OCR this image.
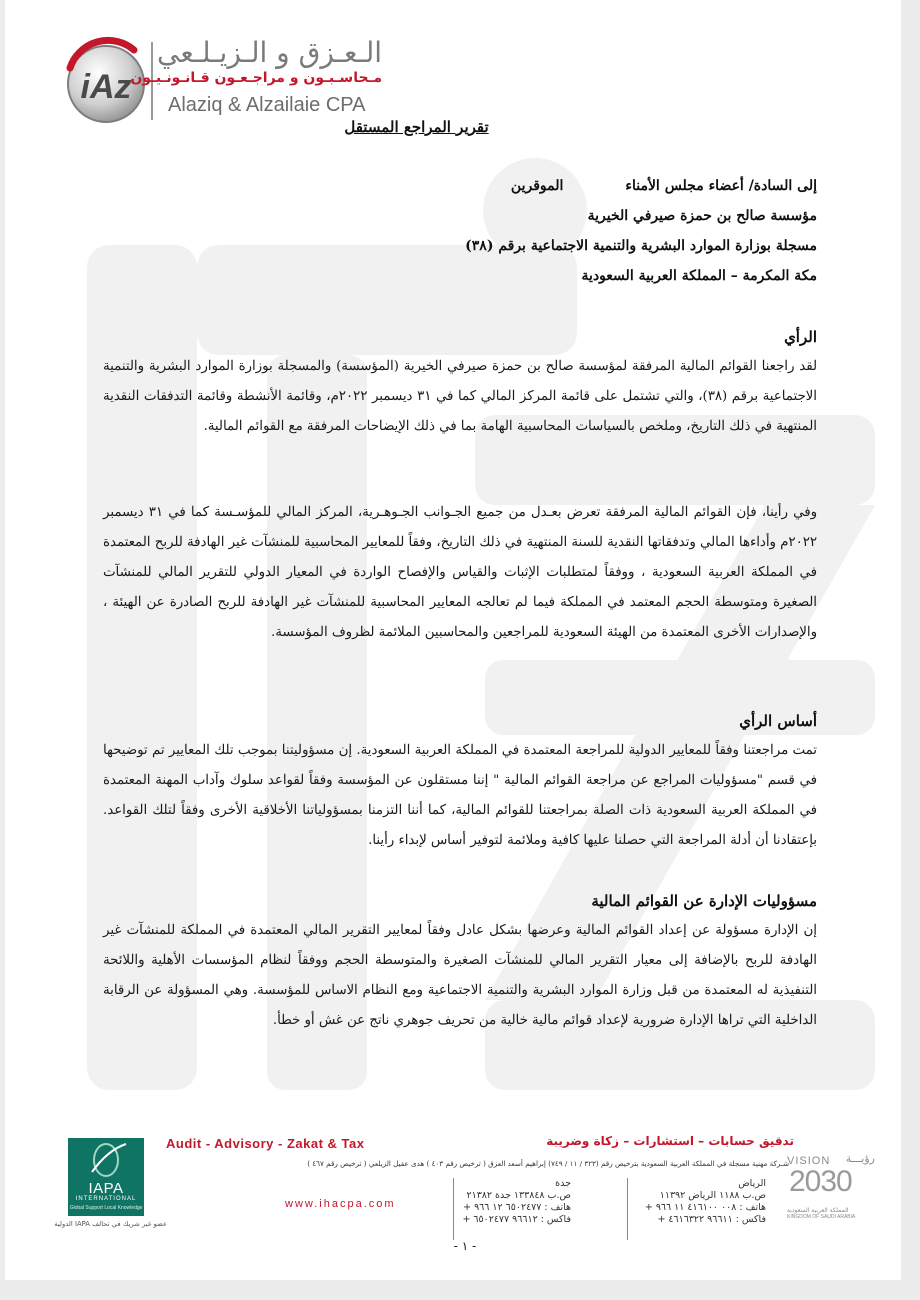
iAz
الـعـزق و الـزيـلـعي
مـحاسـبـون و مراجـعـون قـانـونـيـون
Alaziq & Alzailaie CPA
تقرير المراجع المستقل
إلى السادة/ أعضاء مجلس الأمناءالموقرين
مؤسسة صالح بن حمزة صيرفي الخيرية
مسجلة بوزارة الموارد البشرية والتنمية الاجتماعية برقم (٣٨)
مكة المكرمة – المملكة العربية السعودية
الرأي

لقد راجعنا القوائم المالية المرفقة لمؤسسة صالح بن حمزة صيرفي الخيرية (المؤسسة) والمسجلة بوزارة الموارد البشرية والتنمية الاجتماعية برقم (٣٨)، والتي تشتمل على قائمة المركز المالي كما في ٣١ ديسمبر ٢٠٢٢م، وقائمة الأنشطة وقائمة التدفقات النقدية المنتهية في ذلك التاريخ، وملخص بالسياسات المحاسبية الهامة بما في ذلك الإيضاحات المرفقة مع القوائم المالية.

وفي رأينا، فإن القوائم المالية المرفقة تعرض بعـدل من جميع الجـوانب الجـوهـرية، المركز المالي للمؤسـسة كما في ٣١ ديسمبر ٢٠٢٢م وأداءها المالي وتدفقاتها النقدية للسنة المنتهية في ذلك التاريخ، وفقاً للمعايير المحاسبية للمنشآت غير الهادفة للربح المعتمدة في المملكة العربية السعودية ، ووفقاً لمتطلبات الإثبات والقياس والإفصاح الواردة في المعيار الدولي للتقرير المالي للمنشآت الصغيرة ومتوسطة الحجم المعتمد في المملكة فيما لم تعالجه المعايير المحاسبية للمنشآت غير الهادفة للربح الصادرة عن الهيئة ، والإصدارات الأخرى المعتمدة من الهيئة السعودية للمراجعين والمحاسبين الملائمة لظروف المؤسسة.

أساس الرأي

تمت مراجعتنا وفقاً للمعايير الدولية للمراجعة المعتمدة في المملكة العربية السعودية. إن مسؤوليتنا بموجب تلك المعايير تم توضيحها في قسم "مسؤوليات المراجع عن مراجعة القوائم المالية " إننا مستقلون عن المؤسسة وفقاً لقواعد سلوك وآداب المهنة المعتمدة في المملكة العربية السعودية ذات الصلة بمراجعتنا للقوائم المالية، كما أننا التزمنا بمسؤولياتنا الأخلاقية الأخرى وفقاً لتلك القواعد. بإعتقادنا أن أدلة المراجعة التي حصلنا عليها كافية وملائمة لتوفير أساس لإبداء رأينا.

مسؤوليات الإدارة عن القوائم المالية

إن الإدارة مسؤولة عن إعداد القوائم المالية وعرضها بشكل عادل وفقاً لمعايير التقرير المالي المعتمدة في المملكة للمنشآت غير الهادفة للربح بالإضافة إلى معيار التقرير المالي للمنشآت الصغيرة والمتوسطة الحجم ووفقاً لنظام المؤسسات الأهلية واللائحة التنفيذية له المعتمدة من قبل وزارة الموارد البشرية والتنمية الاجتماعية ومع النظام الاساس للمؤسسة. وهي المسؤولة عن الرقابة الداخلية التي تراها الإدارة ضرورية لإعداد قوائم مالية خالية من تحريف جوهري ناتج عن غش أو خطأ.

Audit - Advisory - Zakat & Tax	تدقيق حسابات – استشارات – زكاة وضريبة
شـركة مهنية مسجلة في المملكة العربية السعودية بترخيص رقم (٣٢٣ / ١١ / ٧٤٩) إبراهيم أسعد العزق ( ترخيص رقم ٤٠٣ ) هدى عقيل الزيلعي ( ترخيص رقم ٤٦٧ )
www.ihacpa.com
جدة
ص.ب ١٣٣٨٤٨ جدة ٢١٣٨٢
هاتف : ٦٥٠٢٤٧٧ ١٢ ٩٦٦ +
فاكس : ٩٦٦١٢ ٦٥٠٢٤٧٧ +
الرياض
ص.ب ١١٨٨ الرياض ١١٣٩٢
هاتف : ٠٠٨ ٤١٦١٠٠ ١١ ٩٦٦ +
فاكس : ٩٦٦١١ ٤٦١٦٣٢٢ +
IAPA
INTERNATIONAL
Global Support Local Knowledge
عضو غير شريك في تحالف IAPA الدولية
VISION رؤيـــة
2030
المملكة العربية السعودية
KINGDOM OF SAUDI ARABIA
- ١ -
